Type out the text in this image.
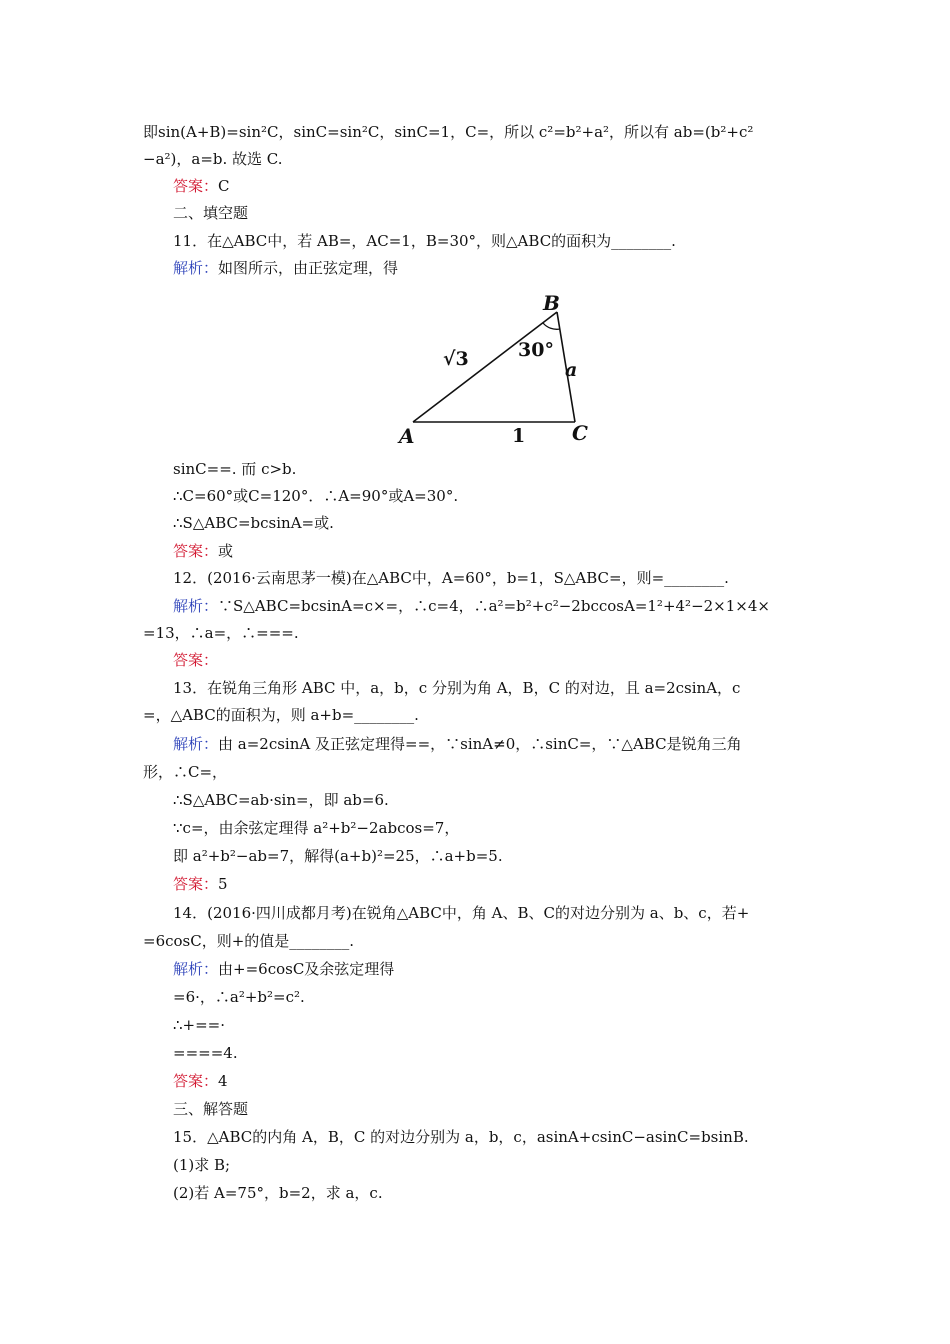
即sin(A+B)=sin²C，sinC=sin²C，sinC=1，C=，所以 c²=b²+a²，所以有 ab=(b²+c²
−a²)，a=b. 故选 C.
答案：C
二、填空题
11．在△ABC中，若 AB=，AC=1，B=30°，则△ABC的面积为________.
解析：如图所示，由正弦定理，得
B
A	C
√3	a
1
30°
sinC==. 而 c>b.
∴C=60°或C=120°．∴A=90°或A=30°.
∴S△ABC=bcsinA=或.
答案：或
12．(2016·云南思茅一模)在△ABC中，A=60°，b=1，S△ABC=，则=________.
解析：∵S△ABC=bcsinA=c×=，∴c=4，∴a²=b²+c²−2bccosA=1²+4²−2×1×4×
=13，∴a=，∴===.
答案：
13．在锐角三角形 ABC 中，a，b，c 分别为角 A，B，C 的对边，且 a=2csinA，c
=，△ABC的面积为，则 a+b=________.
解析：由 a=2csinA 及正弦定理得==，∵sinA≠0，∴sinC=，∵△ABC是锐角三角
形，∴C=，
∴S△ABC=ab·sin=，即 ab=6.
∵c=，由余弦定理得 a²+b²−2abcos=7，
即 a²+b²−ab=7，解得(a+b)²=25，∴a+b=5.
答案：5
14．(2016·四川成都月考)在锐角△ABC中，角 A、B、C的对边分别为 a、b、c，若+
=6cosC，则+的值是________.
解析：由+=6cosC及余弦定理得
=6·，∴a²+b²=c².
∴+==·
====4.
答案：4
三、解答题
15．△ABC的内角 A，B，C 的对边分别为 a，b，c，asinA+csinC−asinC=bsinB.
(1)求 B;
(2)若 A=75°，b=2，求 a，c.
